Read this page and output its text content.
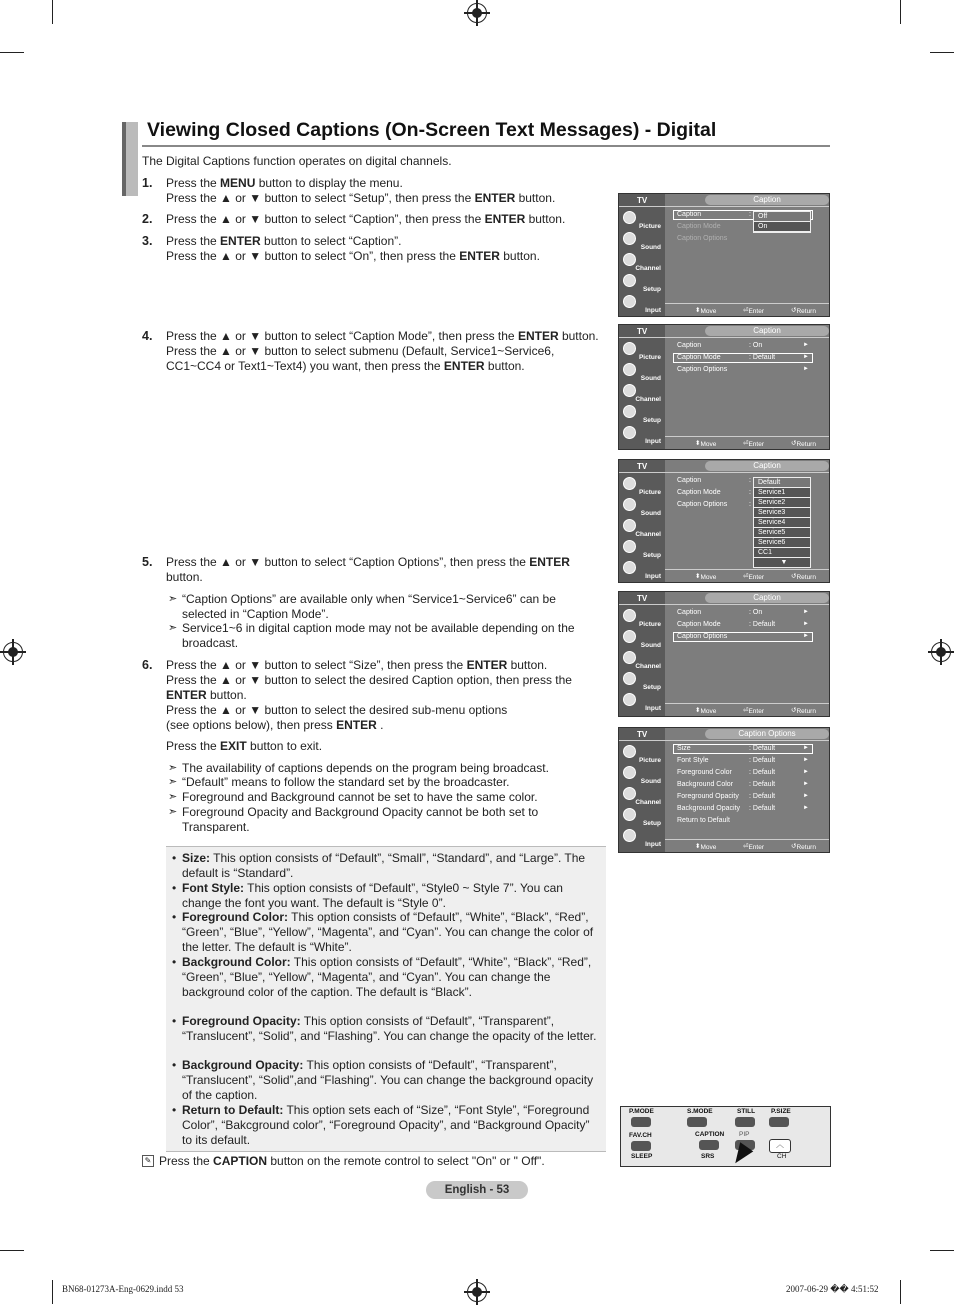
Viewing Closed Captions (On-Screen Text Messages) - Digital
The Digital Captions function operates on digital channels.
1. Press the MENU button to display the menu.
Press the ▲ or ▼ button to select “Setup”, then press the ENTER button.
2. Press the ▲ or ▼ button to select “Caption”, then press the ENTER button.
3. Press the ENTER button to select “Caption”.
Press the ▲ or ▼ button to select “On”, then press the ENTER button.
4. Press the ▲ or ▼ button to select “Caption Mode”, then press the ENTER button.
Press the ▲ or ▼ button to select submenu (Default, Service1~Service6,
CC1~CC4 or Text1~Text4) you want, then press the ENTER button.
5. Press the ▲ or ▼ button to select “Caption Options”, then press the ENTER
button.
6. Press the ▲ or ▼ button to select “Size”, then press the ENTER button.
Press the ▲ or ▼ button to select the desired Caption option, then press the
ENTER button.
Press the ▲ or ▼ button to select the desired sub-menu options
(see options below), then press ENTER .
➣ “Caption Options” are available only when “Service1~Service6” can be selected in “Caption Mode”.
➣ Service1~6 in digital caption mode may not be available depending on the broadcast.
Press the EXIT button to exit.
➣ The availability of captions depends on the program being broadcast.
➣ “Default” means to follow the standard set by the broadcaster.
➣ Foreground and Background cannot be set to have the same color.
➣ Foreground Opacity and Background Opacity cannot be both set to Transparent.
• Size: This option consists of “Default”, “Small”, “Standard”, and “Large”. The default is “Standard”.
• Font Style: This option consists of “Default”, “Style0 ~ Style 7”. You can change the font you want. The default is “Style 0”.
• Foreground Color: This option consists of “Default”, “White”, “Black”, “Red”, “Green”, “Blue”, “Yellow”, “Magenta”, and “Cyan”. You can change the color of the letter. The default is “White”.
• Background Color: This option consists of “Default”, “White”, “Black”, “Red”, “Green”, “Blue”, “Yellow”, “Magenta”, and “Cyan”. You can change the background color of the caption. The default is “Black”.
• Foreground Opacity: This option consists of “Default”, “Transparent”, “Translucent”, “Solid”, and “Flashing”. You can change the opacity of the letter.
• Background Opacity: This option consists of “Default”, “Transparent”, “Translucent”, “Solid”,and “Flashing”. You can change the background opacity of the caption.
• Return to Default: This option sets each of “Size”, “Font Style”, “Foreground Color”, “Bakcground color”, “Foreground Opacity”, and “Background Opacity” to its default.
✎ Press the CAPTION button on the remote control to select "On" or " Off".
TV	Caption
Picture
Sound
Channel
Setup
Input
Caption	:
Caption Mode
Caption Options
Off
On
⬍ Move	⏎ Enter	↺ Return
TV	Caption
Picture
Sound
Channel
Setup
Input
Caption	: On	►
Caption Mode	: Default	►
Caption Options	►
⬍ Move	⏎ Enter	↺ Return
TV	Caption
Picture
Sound
Channel
Setup
Input
Caption	:
Caption Mode	:
Caption Options	:
Default
Service1
Service2
Service3
Service4
Service5
Service6
CC1
▼
⬍ Move	⏎ Enter	↺ Return
TV	Caption
Picture
Sound
Channel
Setup
Input
Caption	: On	►
Caption Mode	: Default	►
Caption Options	►
⬍ Move	⏎ Enter	↺ Return
TV	Caption Options
Picture
Sound
Channel
Setup
Input
Size	: Default	►
Font Style	: Default	►
Foreground Color : Default	►
Background Color : Default	►
Foreground Opacity : Default	►
Background Opacity : Default	►
Return to Default
⬍ Move	⏎ Enter	↺ Return
P.MODE	S.MODE	STILL P.SIZE
FAV.CH	CAPTION PIP
︿
SLEEP	SRS	CH
English - 53
BN68-01273A-Eng-0629.indd 53	2007-06-29 �� 4:51:52
